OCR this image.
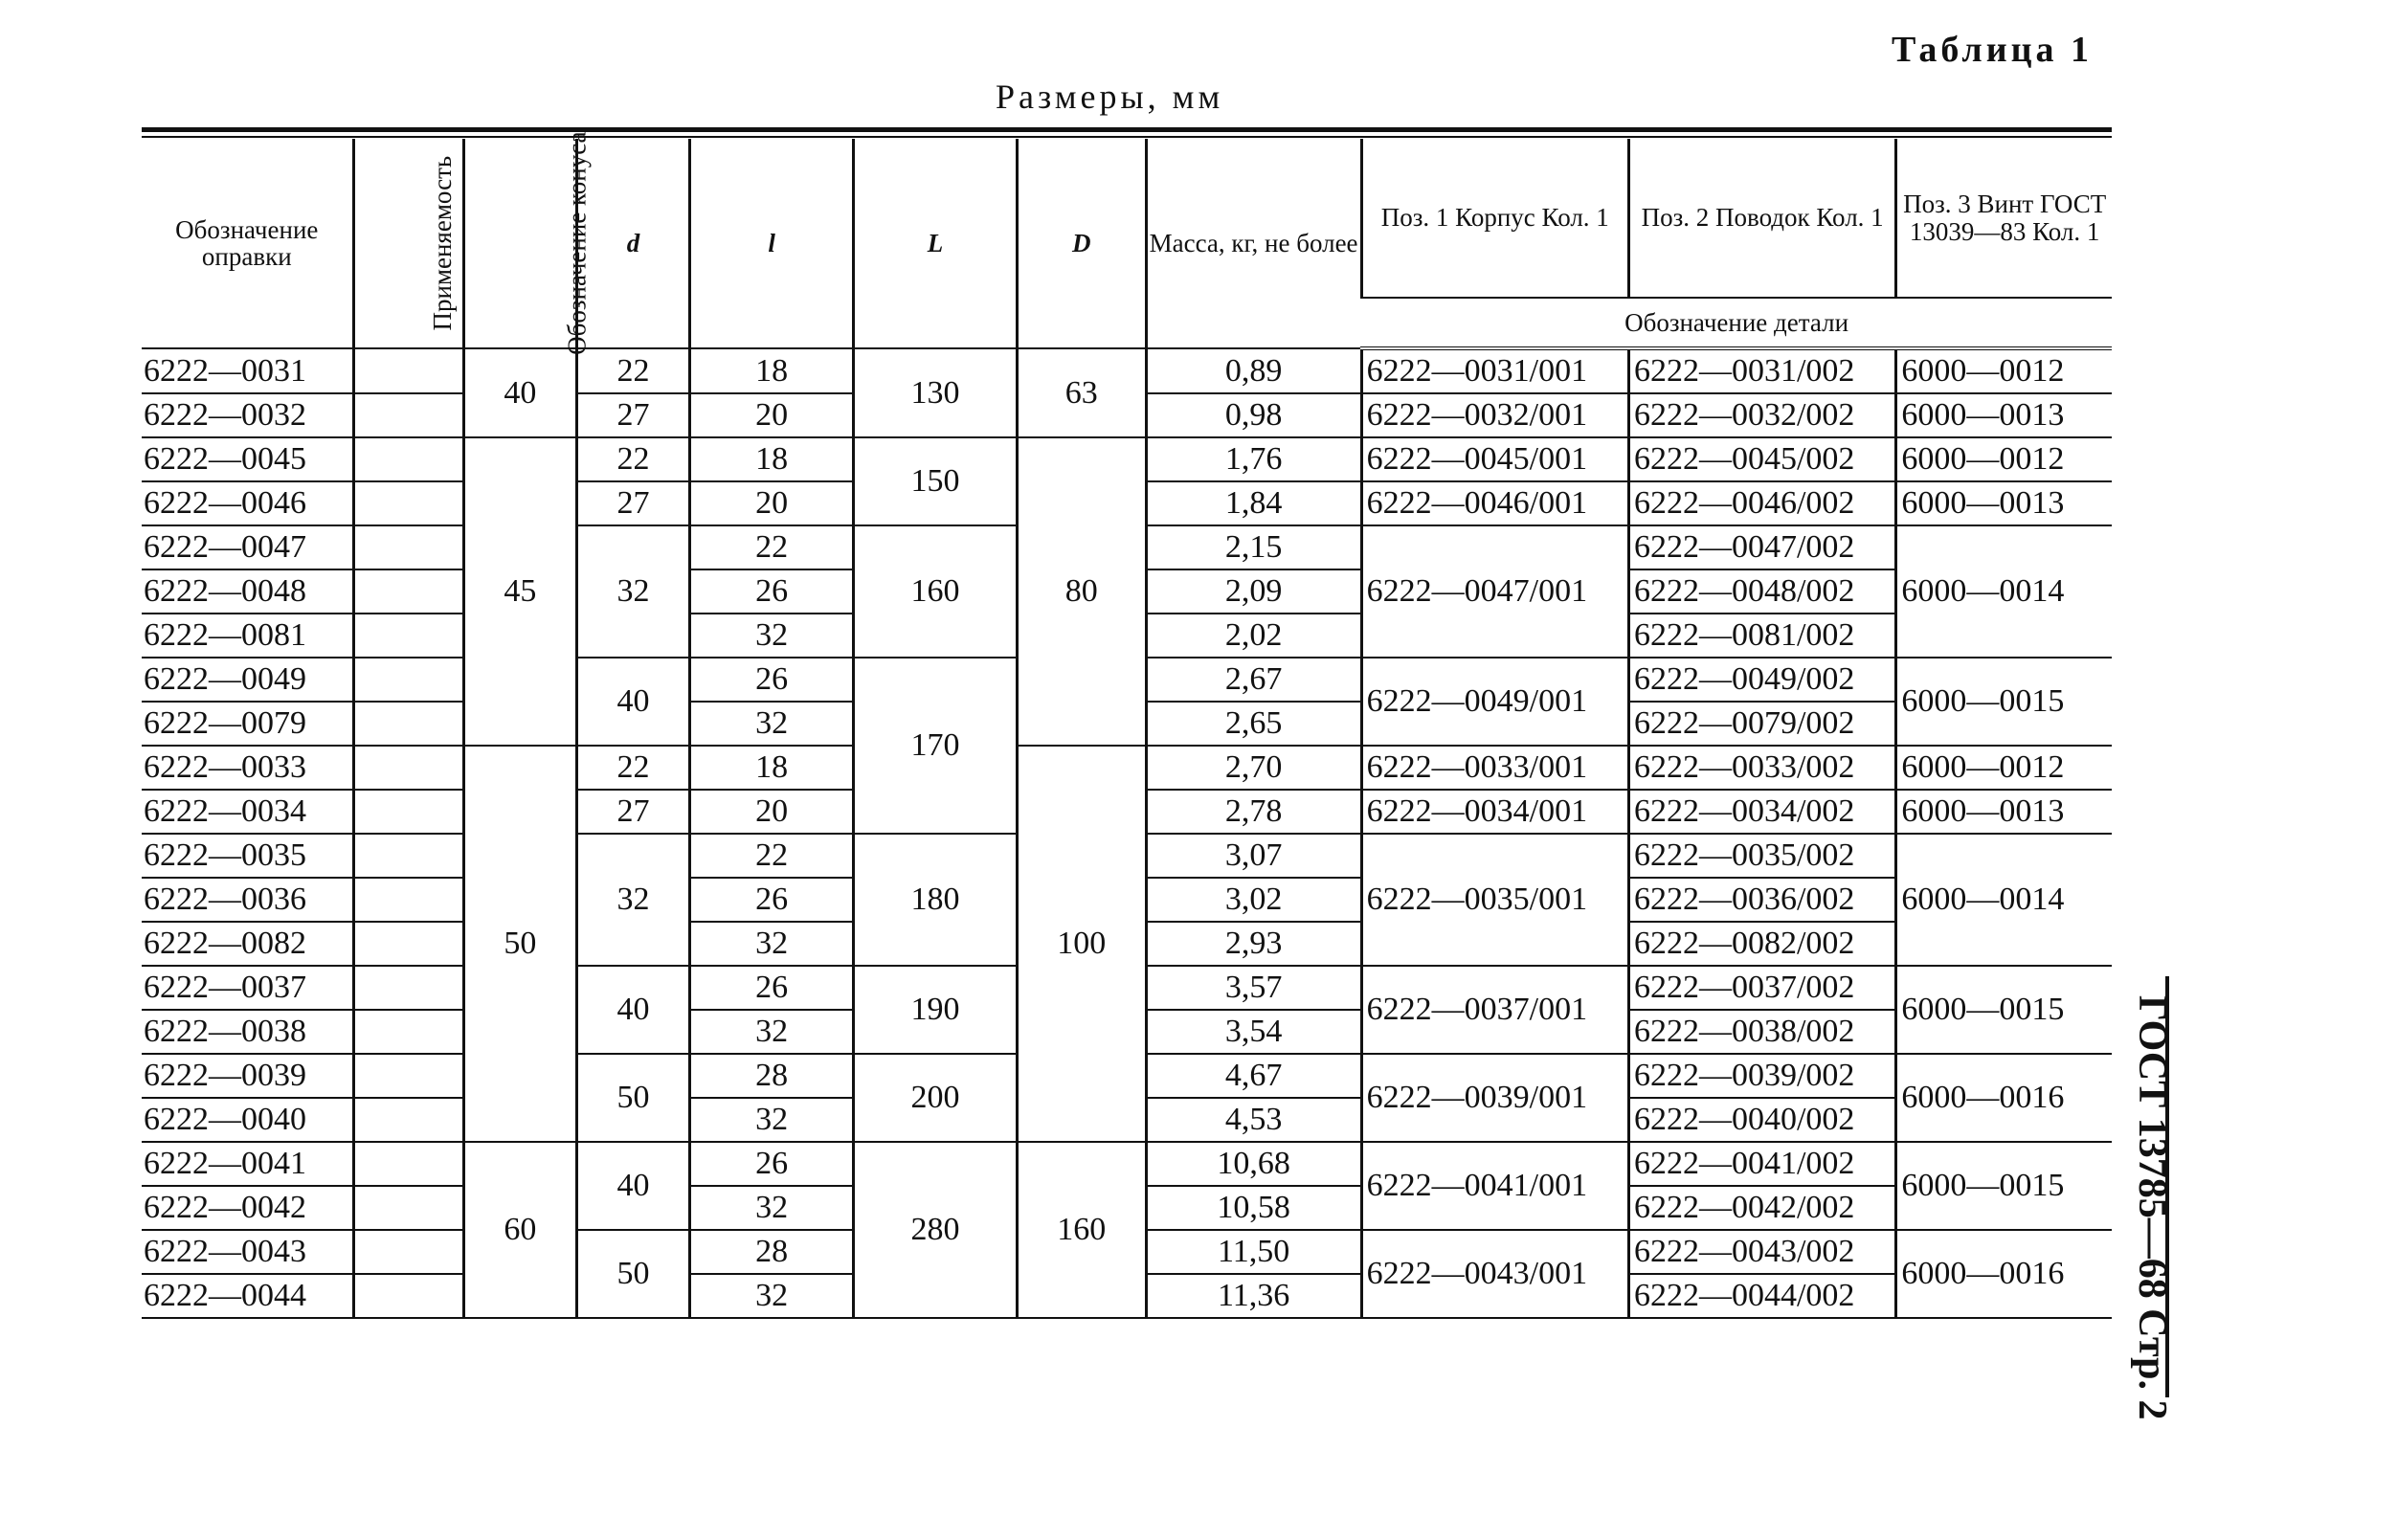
Таблица 1
Размеры, мм
ГОСТ 13785—68 Стр. 2
Обозначение оправки	Применяемость	Обозначение конуса	d	l	L	D	Масса, кг, не более	Поз. 1 Корпус Кол. 1	Поз. 2 Поводок Кол. 1	Поз. 3 Винт ГОСТ 13039—83 Кол. 1
								Обозначение детали		
6222—0031		40	22	18	130	63	0,89	6222—0031/001	6222—0031/002	6000—0012
6222—0032			27	20			0,98	6222—0032/001	6222—0032/002	6000—0013
6222—0045		45	22	18	150	80	1,76	6222—0045/001	6222—0045/002	6000—0012
6222—0046			27	20			1,84	6222—0046/001	6222—0046/002	6000—0013
6222—0047			32	22	160		2,15	6222—0047/001	6222—0047/002	6000—0014
6222—0048				26			2,09		6222—0048/002	
6222—0081				32			2,02		6222—0081/002	
6222—0049			40	26	170		2,67	6222—0049/001	6222—0049/002	6000—0015
6222—0079				32			2,65		6222—0079/002	
6222—0033		50	22	18		100	2,70	6222—0033/001	6222—0033/002	6000—0012
6222—0034			27	20			2,78	6222—0034/001	6222—0034/002	6000—0013
6222—0035			32	22	180		3,07	6222—0035/001	6222—0035/002	6000—0014
6222—0036				26			3,02		6222—0036/002	
6222—0082				32			2,93		6222—0082/002	
6222—0037			40	26	190		3,57	6222—0037/001	6222—0037/002	6000—0015
6222—0038				32			3,54		6222—0038/002	
6222—0039			50	28	200		4,67	6222—0039/001	6222—0039/002	6000—0016
6222—0040				32			4,53		6222—0040/002	
6222—0041		60	40	26	280	160	10,68	6222—0041/001	6222—0041/002	6000—0015
6222—0042				32			10,58		6222—0042/002	
6222—0043			50	28			11,50	6222—0043/001	6222—0043/002	6000—0016
6222—0044				32			11,36		6222—0044/002	
